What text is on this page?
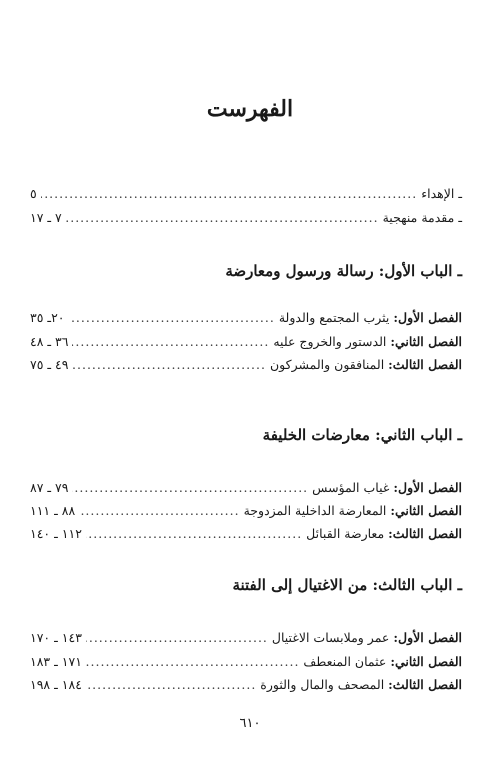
الفهرست
ـ
الإهداء
.....
٥
ـ
مقدمة منهجية
.....
٧ ـ ١٧
ـ الباب الأول: رسالة ورسول ومعارضة
الفصل الأول:
يثرب المجتمع والدولة
.....
٢٠ـ ٣٥
الفصل الثاني:
الدستور والخروج عليه
.....
٣٦ ـ ٤٨
الفصل الثالث:
المنافقون والمشركون
.....
٤٩ ـ ٧٥
ـ الباب الثاني: معارضات الخليفة
الفصل الأول:
غياب المؤسس
.....
٧٩ ـ ٨٧
الفصل الثاني:
المعارضة الداخلية المزدوجة
.....
٨٨ ـ ١١١
الفصل الثالث:
معارضة القبائل
.....
١١٢ ـ ١٤٠
ـ الباب الثالث: من الاغتيال إلى الفتنة
الفصل الأول:
عمر وملابسات الاغتيال
.....
١٤٣ ـ ١٧٠
الفصل الثاني:
عثمان المنعطف
.....
١٧١ ـ ١٨٣
الفصل الثالث:
المصحف والمال والثورة
.....
١٨٤ ـ ١٩٨
٦١٠
